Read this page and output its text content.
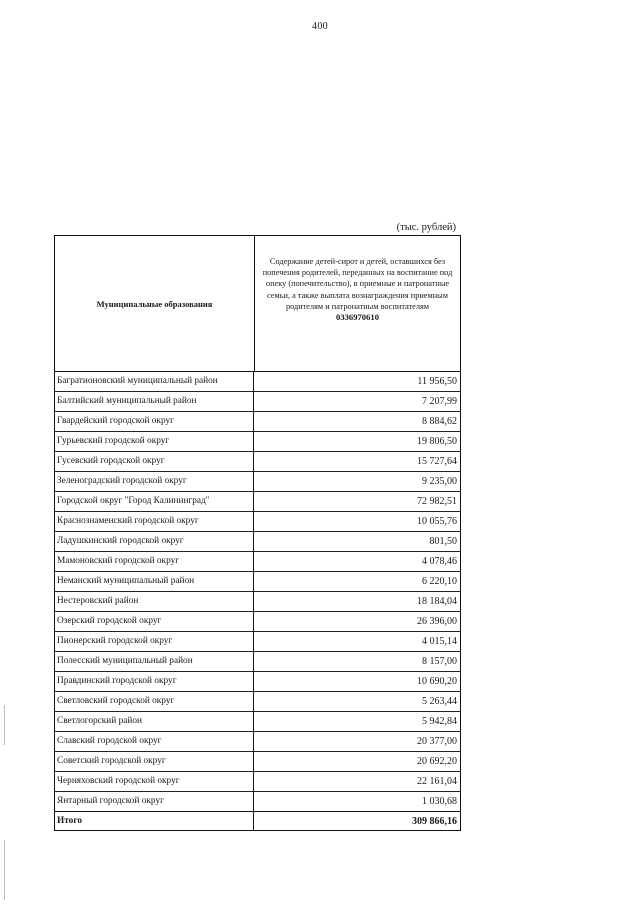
400
(тыс. рублей)
Муниципальные образования
Содержание детей-сирот и детей, оставшихся без попечения родителей, переданных на воспитание под опеку (попечительство), в приемные и патронатные семьи, а также выплата вознаграждения приемным родителям и патронатным воспитателям
0336970610
Багратионовский муниципальный район	11 956,50
Балтийский муниципальный район	7 207,99
Гвардейский городской округ	8 884,62
Гурьевский городской округ	19 806,50
Гусевский городской округ	15 727,64
Зеленоградский городской округ	9 235,00
Городской округ "Город Калининград"	72 982,51
Краснознаменский городской округ	10 055,76
Ладушкинский городской округ	801,50
Мамоновский городской округ	4 078,46
Неманский муниципальный район	6 220,10
Нестеровский район	18 184,04
Озерский городской округ	26 396,00
Пионерский городской округ	4 015,14
Полесский муниципальный район	8 157,00
Правдинский городской округ	10 690,20
Светловский городской округ	5 263,44
Светлогорский район	5 942,84
Славский городской округ	20 377,00
Советский городской округ	20 692,20
Черняховский городской округ	22 161,04
Янтарный городской округ	1 030,68
Итого	309 866,16
